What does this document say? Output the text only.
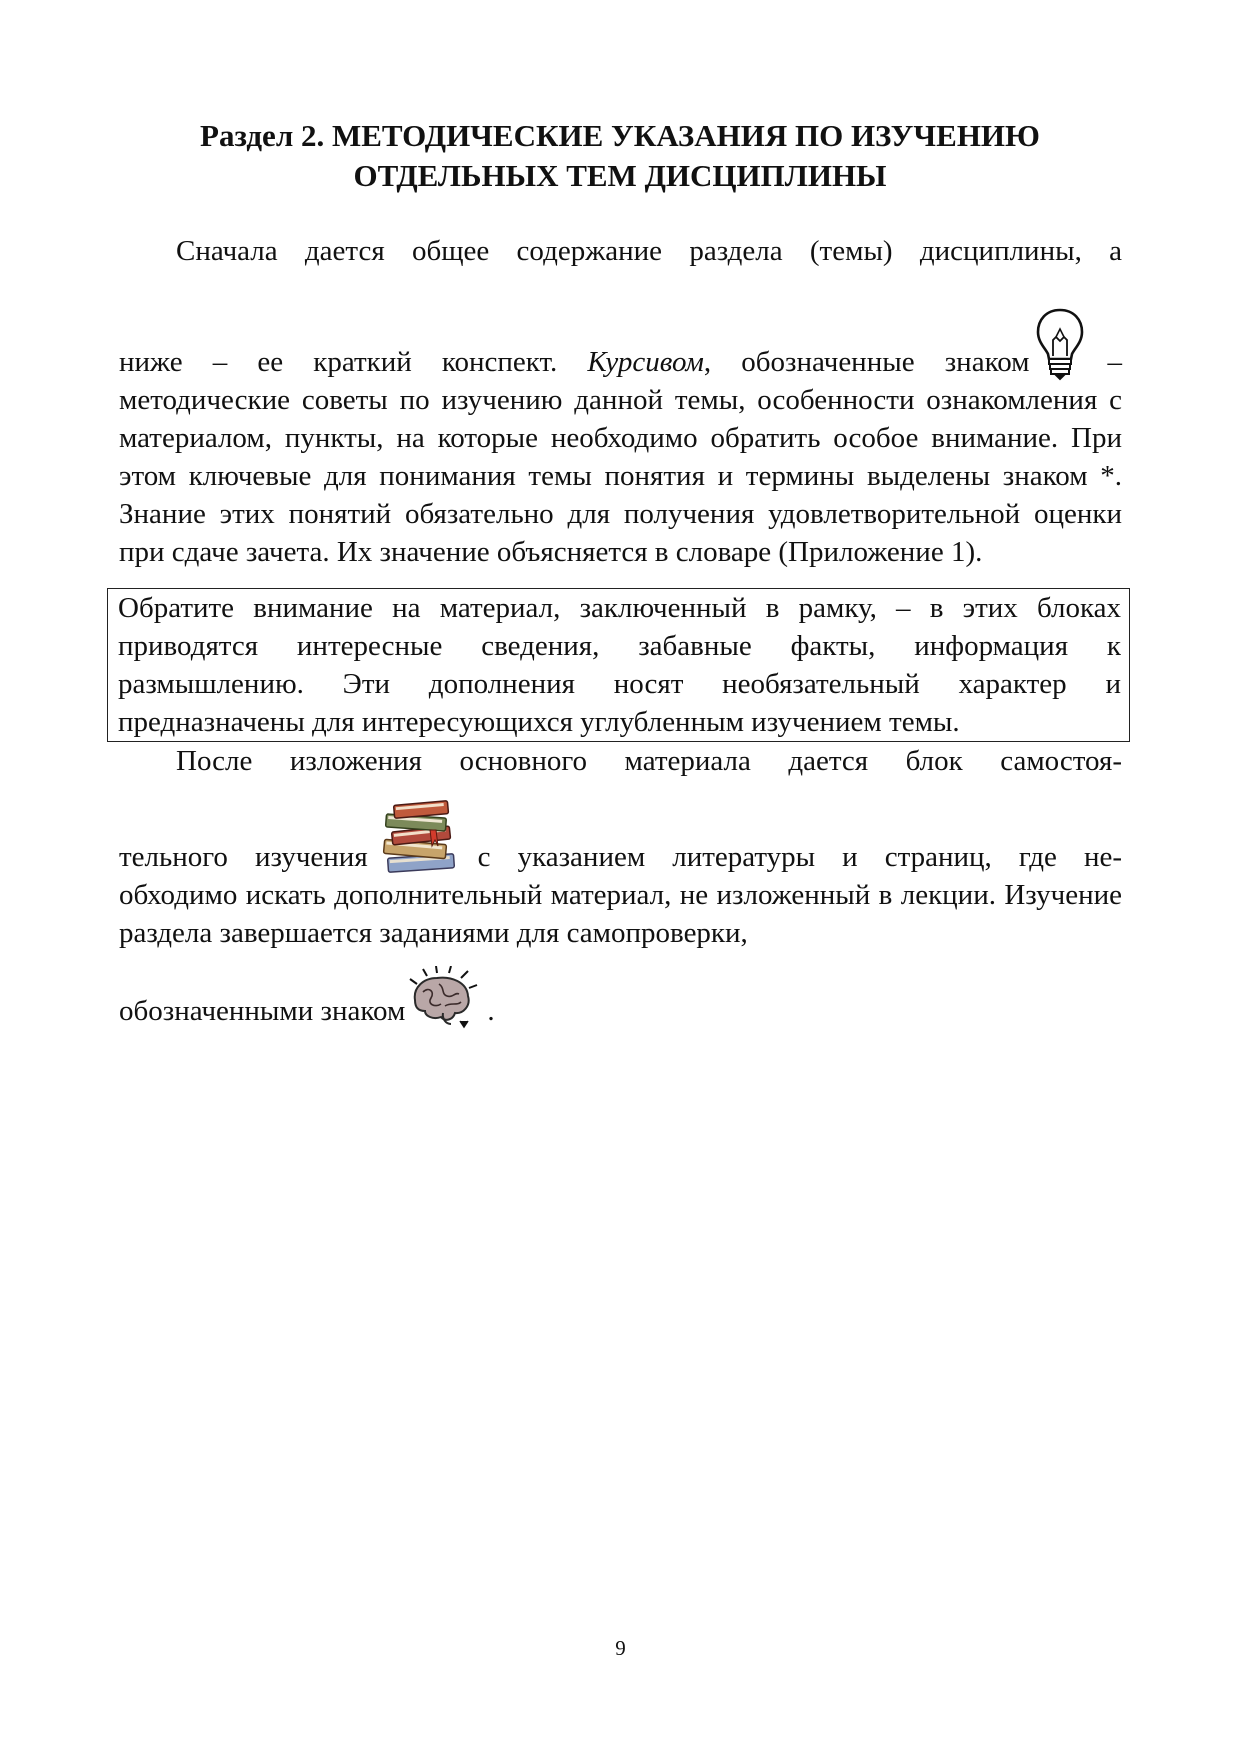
Раздел 2. МЕТОДИЧЕСКИЕ УКАЗАНИЯ ПО ИЗУЧЕНИЮ
ОТДЕЛЬНЫХ ТЕМ ДИСЦИПЛИНЫ
Сначала дается общее содержание раздела (темы) дисциплины, а
ниже – ее краткий конспект. Курсивом, обозначенные знаком	–
методические советы по изучению данной темы, особенности ознакомления с материалом, пункты, на которые необходимо обратить особое внимание. При этом ключевые для понимания темы понятия и термины выделены знаком *. Знание этих понятий обязательно для получения удовлетворительной оценки при сдаче зачета. Их значение объясняется в словаре (Приложение 1).
Обратите внимание на материал, заключенный в рамку, – в этих блоках приводятся интересные сведения, забавные факты, информация к размышлению. Эти дополнения носят необязательный характер и предназначены для интересующихся углубленным изучением темы.
После изложения основного материала дается блок самостоя-
тельного изучения	с указанием литературы и страниц, где не-
обходимо искать дополнительный материал, не изложенный в лекции. Изучение раздела завершается заданиями для самопроверки,
обозначенными знаком	.
9
